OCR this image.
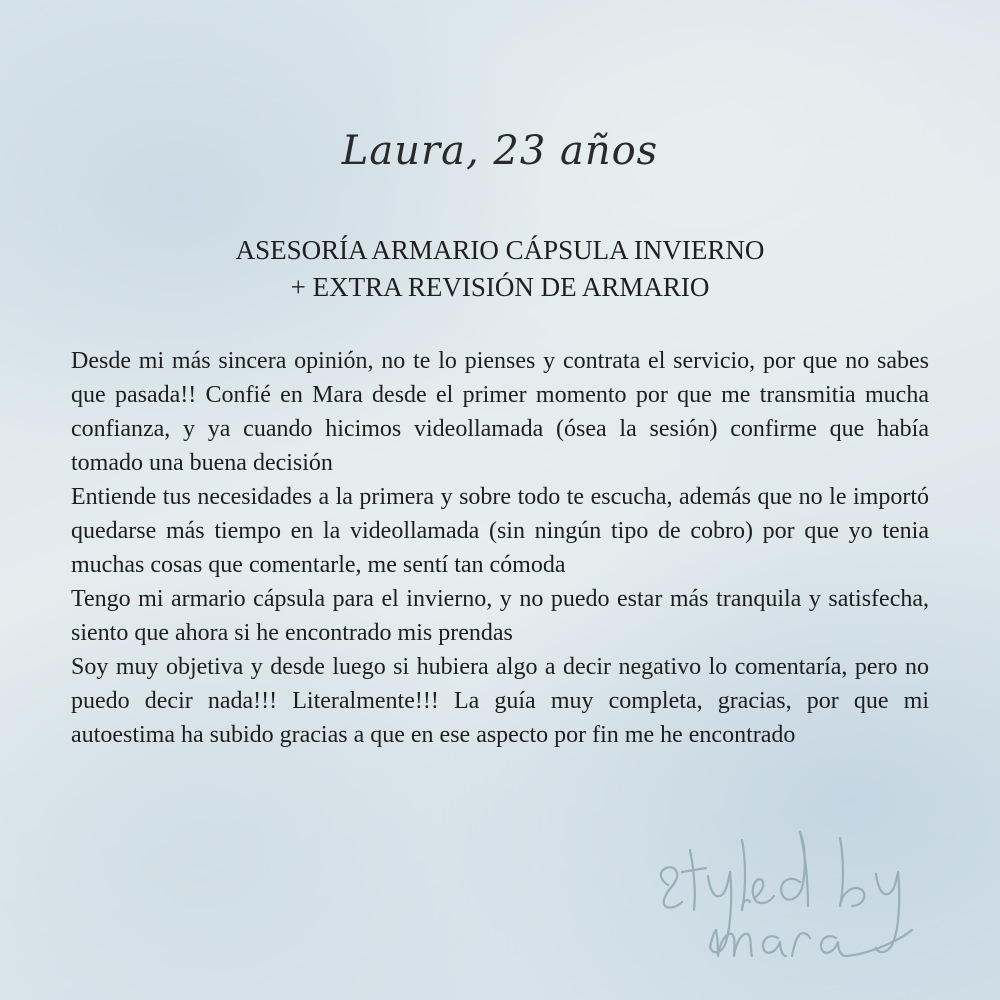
Laura, 23 años
ASESORÍA ARMARIO CÁPSULA INVIERNO
+ EXTRA REVISIÓN DE ARMARIO

Desde mi más sincera opinión, no te lo pienses y contrata el servicio, por que no sabes que pasada!! Confié en Mara desde el primer momento por que me transmitia mucha confianza, y ya cuando hicimos videollamada (ósea la sesión) confirme que había tomado una buena decisión

Entiende tus necesidades a la primera y sobre todo te escucha, además que no le importó quedarse más tiempo en la videollamada (sin ningún tipo de cobro) por que yo tenia muchas cosas que comentarle, me sentí tan cómoda

Tengo mi armario cápsula para el invierno, y no puedo estar más tranquila y satisfecha, siento que ahora si he encontrado mis prendas

Soy muy objetiva y desde luego si hubiera algo a decir negativo lo comentaría, pero no puedo decir nada!!! Literalmente!!! La guía muy completa, gracias, por que mi autoestima ha subido gracias a que en ese aspecto por fin me he encontrado
